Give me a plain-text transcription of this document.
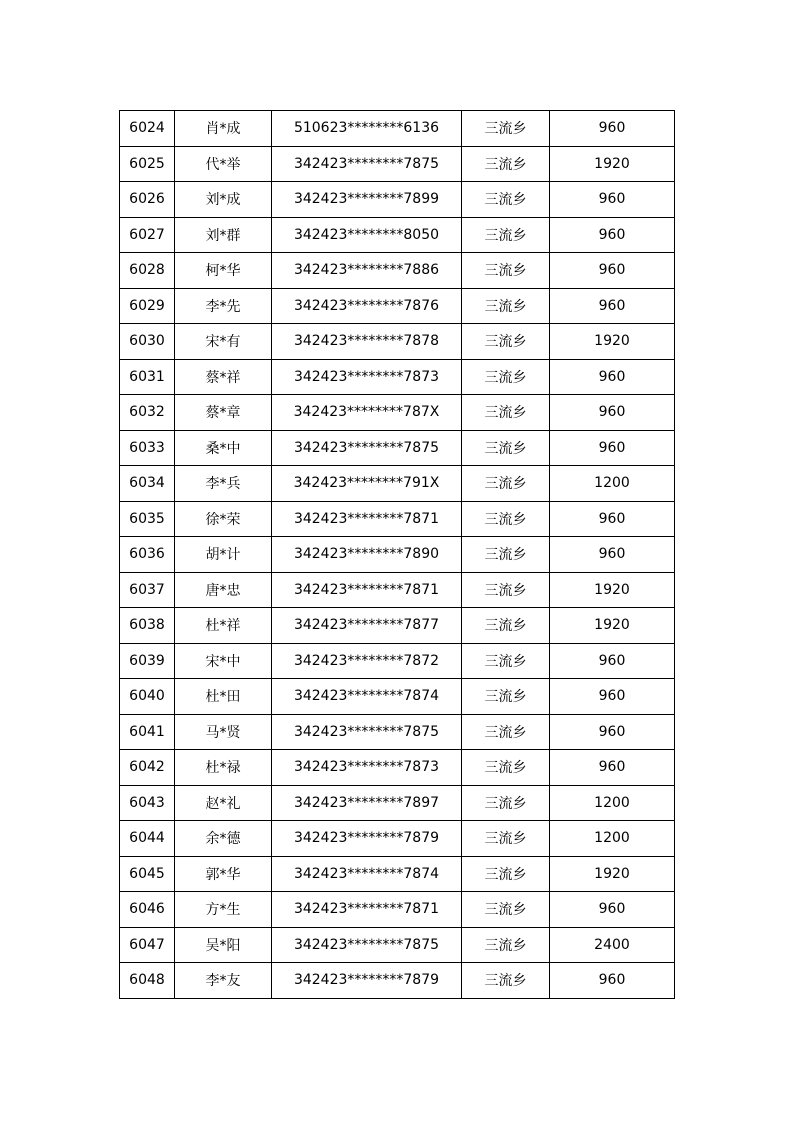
6024	肖*成	510623********6136	三流乡	960
6025	代*举	342423********7875	三流乡	1920
6026	刘*成	342423********7899	三流乡	960
6027	刘*群	342423********8050	三流乡	960
6028	柯*华	342423********7886	三流乡	960
6029	李*先	342423********7876	三流乡	960
6030	宋*有	342423********7878	三流乡	1920
6031	蔡*祥	342423********7873	三流乡	960
6032	蔡*章	342423********787X	三流乡	960
6033	桑*中	342423********7875	三流乡	960
6034	李*兵	342423********791X	三流乡	1200
6035	徐*荣	342423********7871	三流乡	960
6036	胡*计	342423********7890	三流乡	960
6037	唐*忠	342423********7871	三流乡	1920
6038	杜*祥	342423********7877	三流乡	1920
6039	宋*中	342423********7872	三流乡	960
6040	杜*田	342423********7874	三流乡	960
6041	马*贤	342423********7875	三流乡	960
6042	杜*禄	342423********7873	三流乡	960
6043	赵*礼	342423********7897	三流乡	1200
6044	余*德	342423********7879	三流乡	1200
6045	郭*华	342423********7874	三流乡	1920
6046	方*生	342423********7871	三流乡	960
6047	吴*阳	342423********7875	三流乡	2400
6048	李*友	342423********7879	三流乡	960
